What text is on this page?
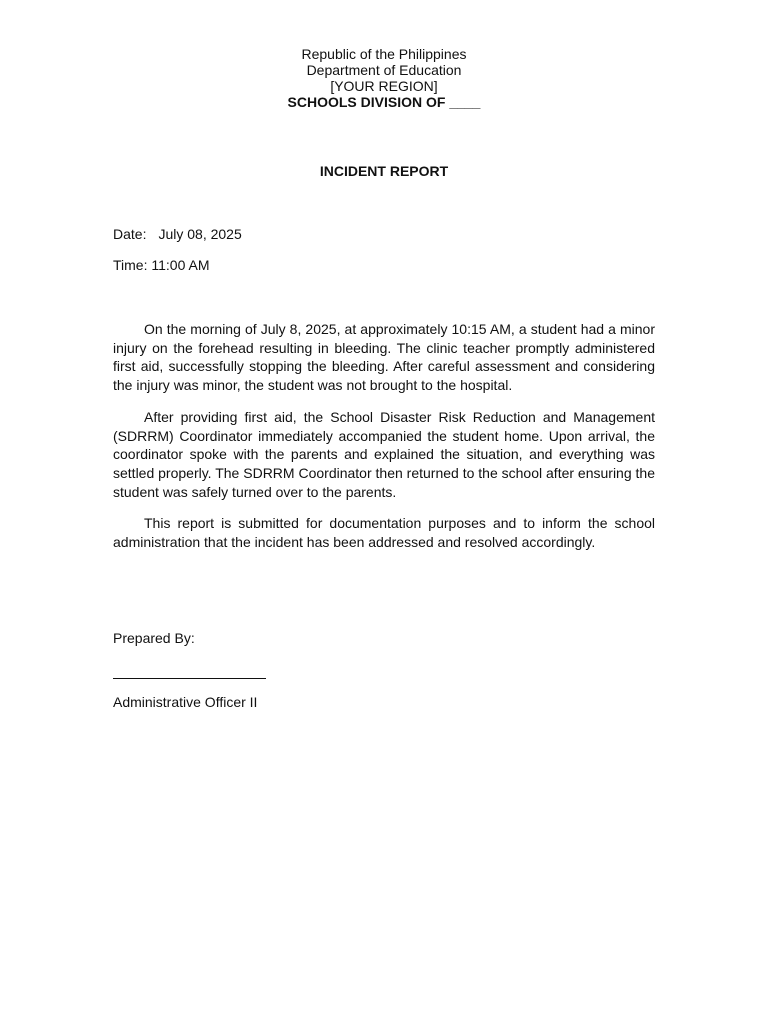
Republic of the Philippines
Department of Education
[YOUR REGION]
SCHOOLS DIVISION OF ____
INCIDENT REPORT
Date: July 08, 2025
Time: 11:00 AM

On the morning of July 8, 2025, at approximately 10:15 AM, a student had a minor injury on the forehead resulting in bleeding. The clinic teacher promptly administered first aid, successfully stopping the bleeding. After careful assessment and considering the injury was minor, the student was not brought to the hospital.

After providing first aid, the School Disaster Risk Reduction and Management (SDRRM) Coordinator immediately accompanied the student home. Upon arrival, the coordinator spoke with the parents and explained the situation, and everything was settled properly. The SDRRM Coordinator then returned to the school after ensuring the student was safely turned over to the parents.

This report is submitted for documentation purposes and to inform the school administration that the incident has been addressed and resolved accordingly.

Prepared By:
Administrative Officer II
